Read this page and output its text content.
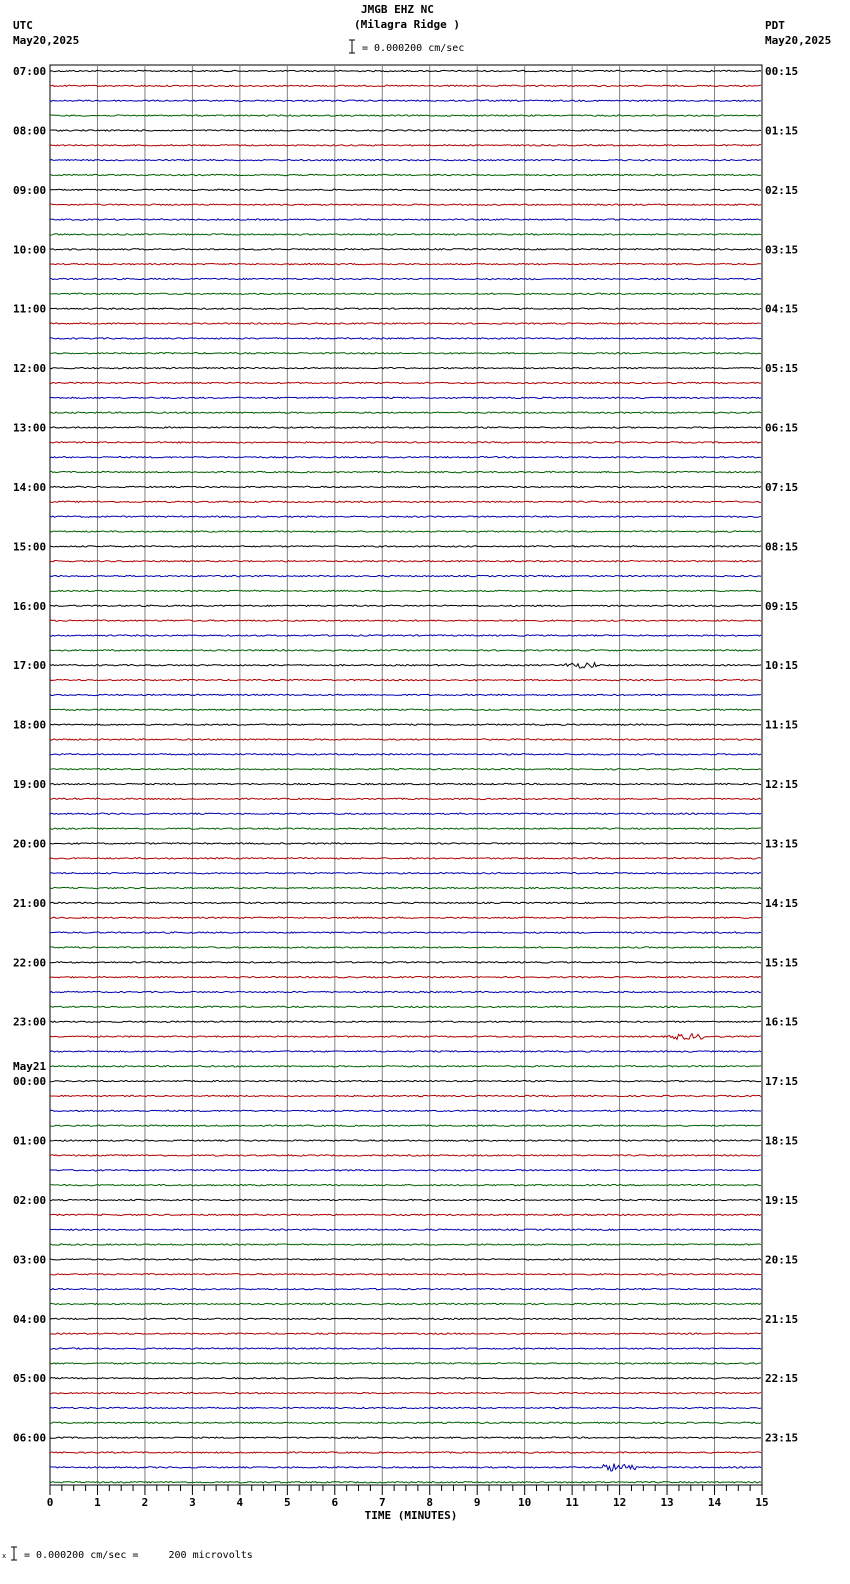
JMGB EHZ NC
(Milagra Ridge )
= 0.000200 cm/sec
UTC
May20,2025
PDT
May20,2025
07:00
08:00
09:00
10:00
11:00
12:00
13:00
14:00
15:00
16:00
17:00
18:00
19:00
20:00
21:00
22:00
23:00
00:00
01:00
02:00
03:00
04:00
05:00
06:00
00:15
01:15
02:15
03:15
04:15
05:15
06:15
07:15
08:15
09:15
10:15
11:15
12:15
13:15
14:15
15:15
16:15
17:15
18:15
19:15
20:15
21:15
22:15
23:15
May21
0	1	2	3	4	5	6	7	8	9	10	11	12	13	14	15
TIME (MINUTES)
x = 0.000200 cm/sec =     200 microvolts
